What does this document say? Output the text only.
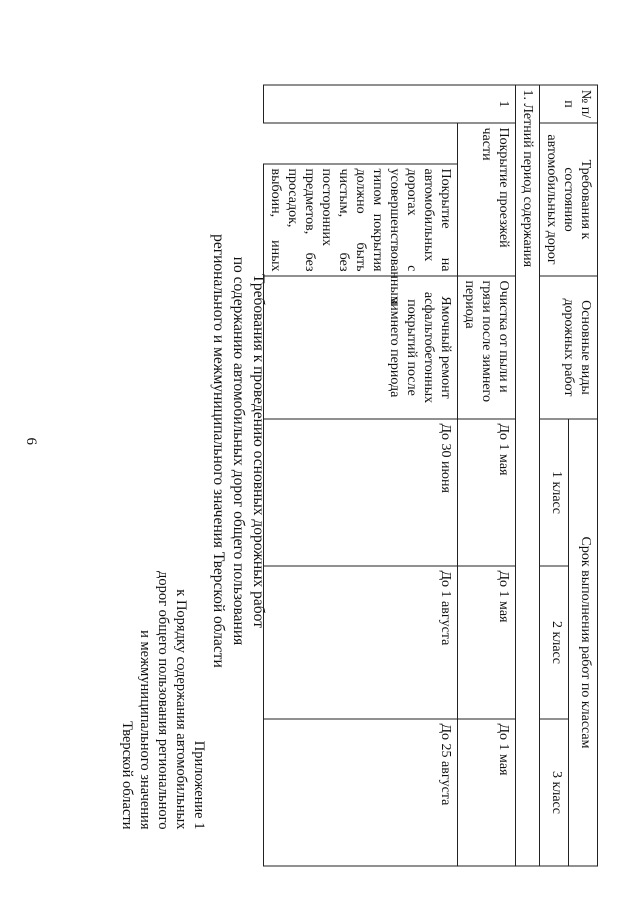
6
Приложение 1
к Порядку содержания автомобильных
дорог общего пользования регионального
и межмуниципального значения
Тверской области
Требования к проведению основных дорожных работ
по содержанию автомобильных дорог общего пользования
регионального и межмуниципального значения Тверской области
№ п/п	Требования к состоянию автомобильных дорог		Основные виды дорожных работ	Срок выполнения работ по классам		
				1 класс	2 класс	3 класс
1. Летний период содержания						
1	Покрытие проезжей части		Очистка от пыли и грязи после зимнего периода	До 1 мая	До 1 мая	До 1 мая
		Покрытие на автомобильных дорогах с усовершенствованным типом покрытия должно быть чистым, без посторонних предметов, без просадок, выбоин, иных	Ямочный ремонт асфальтобетонных покрытий после зимнего периода	До 30 июня	До 1 августа	До 25 августа
